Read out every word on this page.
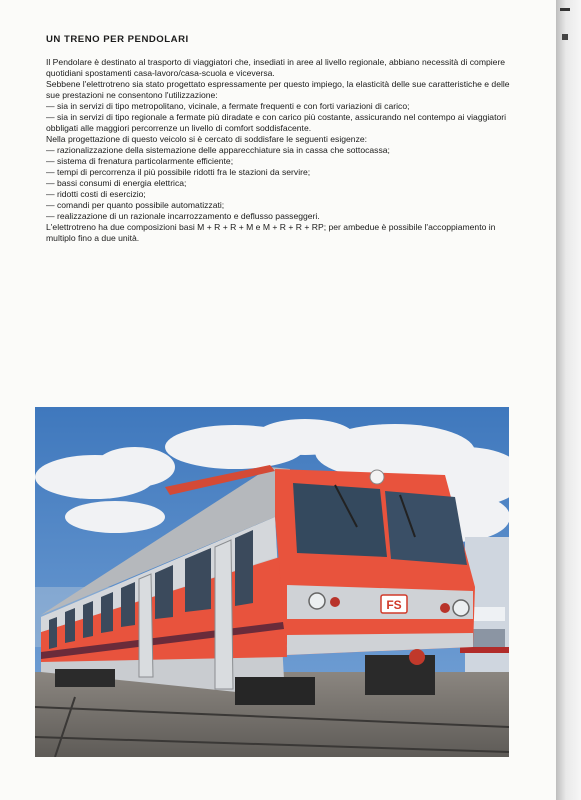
UN TRENO PER PENDOLARI

Il Pendolare è destinato al trasporto di viaggiatori che, insediati in aree al livello regionale, abbiano necessità di compiere quotidiani spostamenti casa-lavoro/casa-scuola e viceversa.

Sebbene l'elettrotreno sia stato progettato espressamente per questo impiego, la elasticità delle sue caratteristiche e delle sue prestazioni ne consentono l'utilizzazione:

— sia in servizi di tipo metropolitano, vicinale, a fermate frequenti e con forti variazioni di carico;
— sia in servizi di tipo regionale a fermate più diradate e con carico più costante, assicurando nel contempo ai viaggiatori obbligati alle maggiori percorrenze un livello di comfort soddisfacente.

Nella progettazione di questo veicolo si è cercato di soddisfare le seguenti esigenze:

— razionalizzazione della sistemazione delle apparecchiature sia in cassa che sottocassa;
— sistema di frenatura particolarmente efficiente;
— tempi di percorrenza il più possibile ridotti fra le stazioni da servire;
— bassi consumi di energia elettrica;
— ridotti costi di esercizio;
— comandi per quanto possibile automatizzati;
— realizzazione di un razionale incarrozzamento e deflusso passeggeri.

L'elettrotreno ha due composizioni basi M + R + R + M e M + R + R + RP; per ambedue è possibile l'accoppiamento in multiplo fino a due unità.

FS
